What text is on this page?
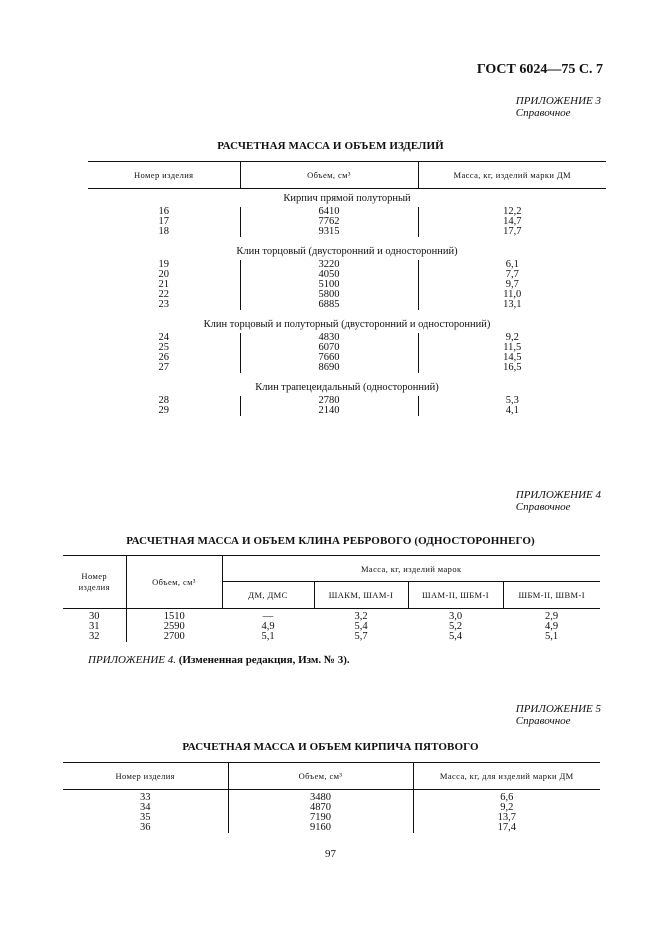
ГОСТ 6024—75 С. 7
ПРИЛОЖЕНИЕ 3
Справочное
РАСЧЕТНАЯ МАССА И ОБЪЕМ ИЗДЕЛИЙ
Номер изделия	Объем, см³	Масса, кг, изделий марки ДМ
Кирпич прямой полуторный		
16	6410	12,2
17	7762	14,7
18	9315	17,7
Клин торцовый (двусторонний и односторонний)		
19	3220	6,1
20	4050	7,7
21	5100	9,7
22	5800	11,0
23	6885	13,1
Клин торцовый и полуторный (двусторонний и односторонний)		
24	4830	9,2
25	6070	11,5
26	7660	14,5
27	8690	16,5
Клин трапецеидальный (односторонний)		
28	2780	5,3
29	2140	4,1
ПРИЛОЖЕНИЕ 4
Справочное
РАСЧЕТНАЯ МАССА И ОБЪЕМ КЛИНА РЕБРОВОГО (ОДНОСТОРОННЕГО)
Номер
изделия	Объем, см³	Масса, кг, изделий марок			
		ДМ, ДМС	ШАКМ, ШАМ-I	ШАМ-II, ШБМ-I	ШБМ-II, ШВМ-I
30	1510	—	3,2	3,0	2,9
31	2590	4,9	5,4	5,2	4,9
32	2700	5,1	5,7	5,4	5,1
ПРИЛОЖЕНИЕ 4. (Измененная редакция, Изм. № 3).
ПРИЛОЖЕНИЕ 5
Справочное
РАСЧЕТНАЯ МАССА И ОБЪЕМ КИРПИЧА ПЯТОВОГО
Номер изделия	Объем, см³	Масса, кг, для изделий марки ДМ
33	3480	6,6
34	4870	9,2
35	7190	13,7
36	9160	17,4
97
